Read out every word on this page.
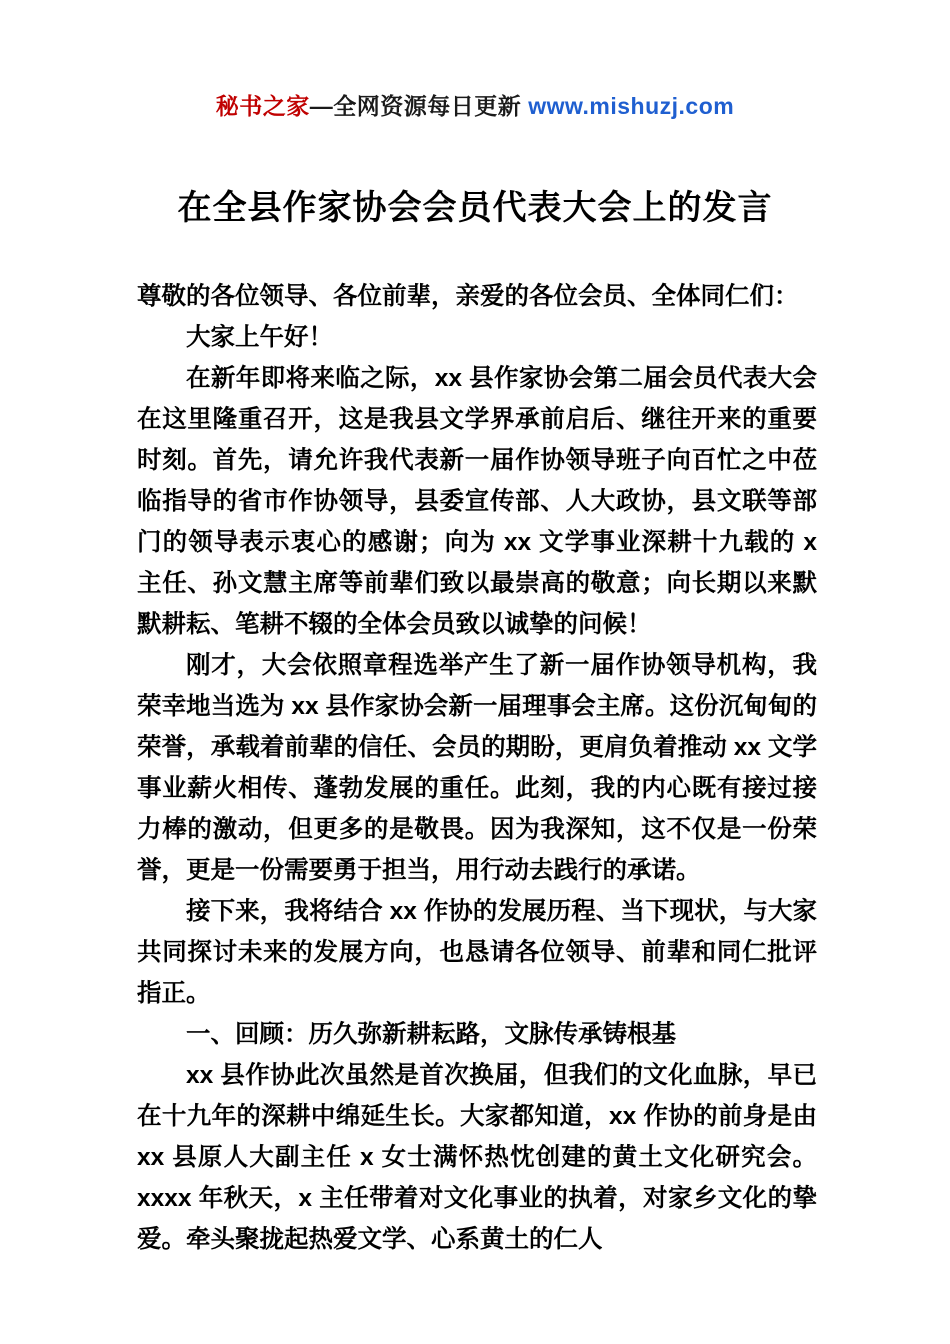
秘书之家—全网资源每日更新 www.mishuzj.com
在全县作家协会会员代表大会上的发言

尊敬的各位领导、各位前辈，亲爱的各位会员、全体同仁们：

大家上午好！

在新年即将来临之际，xx 县作家协会第二届会员代表大会在这里隆重召开，这是我县文学界承前启后、继往开来的重要时刻。首先，请允许我代表新一届作协领导班子向百忙之中莅临指导的省市作协领导，县委宣传部、人大政协，县文联等部门的领导表示衷心的感谢；向为 xx 文学事业深耕十九载的 x 主任、孙文慧主席等前辈们致以最崇高的敬意；向长期以来默默耕耘、笔耕不辍的全体会员致以诚挚的问候！

刚才，大会依照章程选举产生了新一届作协领导机构，我荣幸地当选为 xx 县作家协会新一届理事会主席。这份沉甸甸的荣誉，承载着前辈的信任、会员的期盼，更肩负着推动 xx 文学事业薪火相传、蓬勃发展的重任。此刻，我的内心既有接过接力棒的激动，但更多的是敬畏。因为我深知，这不仅是一份荣誉，更是一份需要勇于担当，用行动去践行的承诺。

接下来，我将结合 xx 作协的发展历程、当下现状，与大家共同探讨未来的发展方向，也恳请各位领导、前辈和同仁批评指正。

一、回顾：历久弥新耕耘路，文脉传承铸根基

xx 县作协此次虽然是首次换届，但我们的文化血脉，早已在十九年的深耕中绵延生长。大家都知道，xx 作协的前身是由 xx 县原人大副主任 x 女士满怀热忱创建的黄土文化研究会。xxxx 年秋天，x 主任带着对文化事业的执着，对家乡文化的挚爱。牵头聚拢起热爱文学、心系黄土的仁人
